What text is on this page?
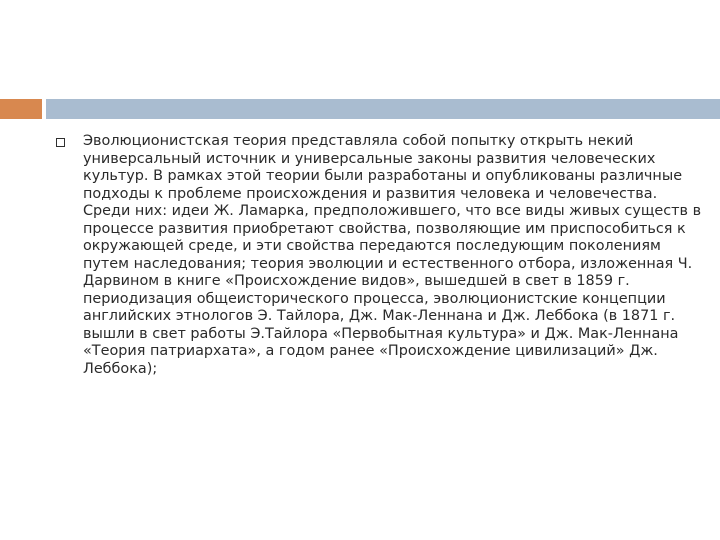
Эволюционистская теория представляла собой попытку открыть некий универсальный источник и универсальные законы развития человеческих культур. В рамках этой теории были разработаны и опубликованы различные подходы к проблеме происхождения и развития человека и человечества. Среди них: идеи Ж. Ламарка, предположившего, что все виды живых существ в процессе развития приобретают свойства, позволяющие им приспособиться к окружающей среде, и эти свойства передаются последующим поколениям путем наследования; теория эволюции и естественного отбора, изложенная Ч. Дарвином в книге «Происхождение видов», вышедшей в свет в 1859 г. периодизация общеисторического процесса, эволюционистские концепции английских этнологов Э. Тайлора, Дж. Мак-Леннана и Дж. Леббока (в 1871 г. вышли в свет работы Э.Тайлора «Первобытная культура» и Дж. Мак-Леннана «Теория патриархата», а годом ранее «Происхождение цивилизаций» Дж. Леббока);
